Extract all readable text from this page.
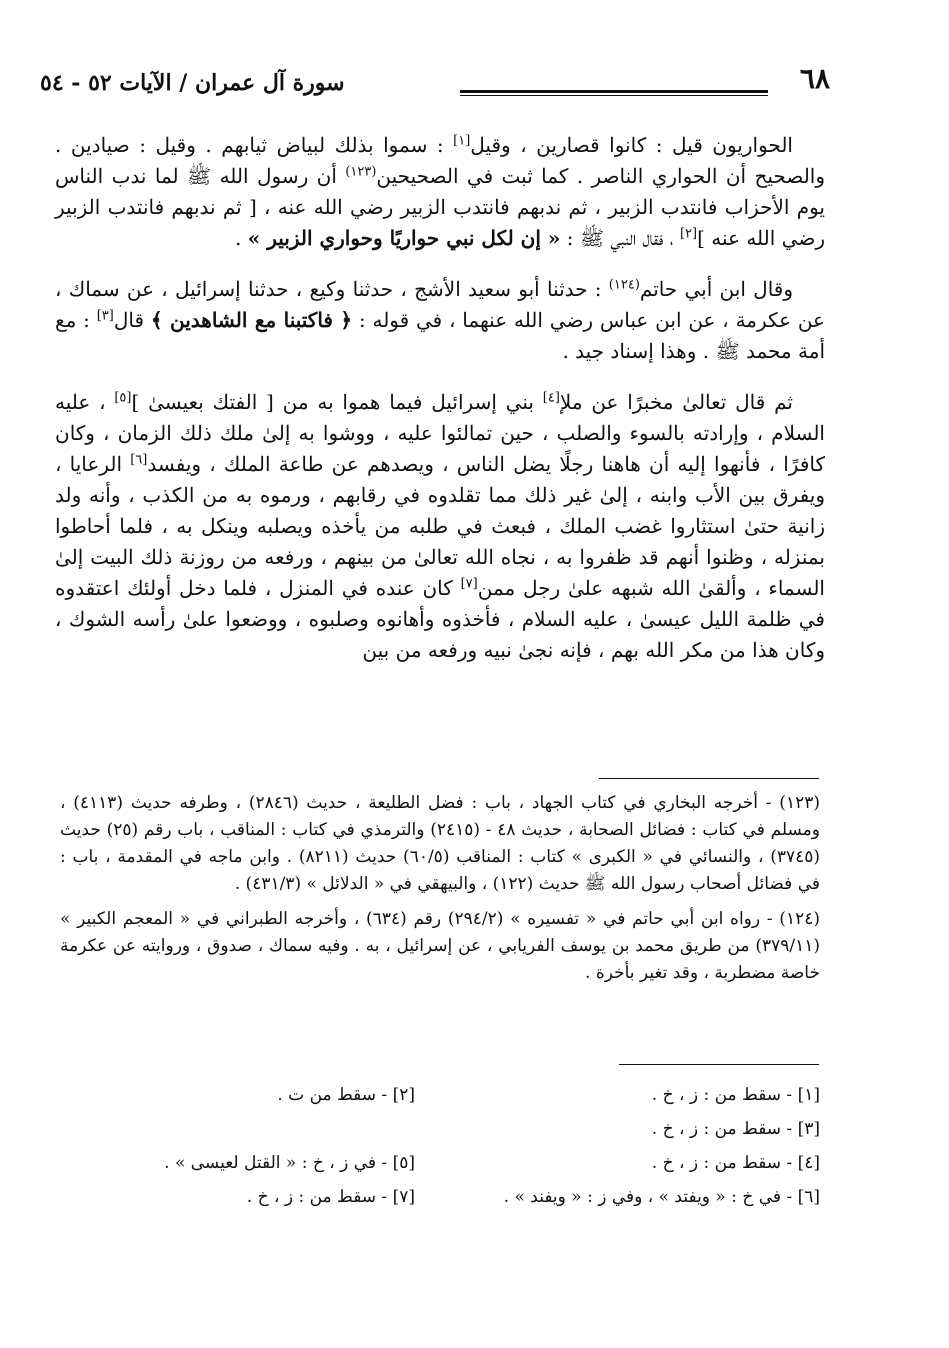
٦٨
سورة آل عمران / الآيات ٥٢ - ٥٤

الحواريون قيل : كانوا قصارين ، وقيل[١] : سموا بذلك لبياض ثيابهم . وقيل : صيادين . والصحيح أن الحواري الناصر . كما ثبت في الصحيحين$^{(١٢٣)}$ أن رسول الله ﷺ لما ندب الناس يوم الأحزاب فانتدب الزبير ، ثم ندبهم فانتدب الزبير رضي الله عنه ، [ ثم ندبهم فانتدب الزبير رضي الله عنه ][٢] ، فقال النبي ﷺ : « إن لكل نبي حواريًا وحواري الزبير » .

وقال ابن أبي حاتم$^{(١٢٤)}$ : حدثنا أبو سعيد الأشج ، حدثنا وكيع ، حدثنا إسرائيل ، عن سماك ، عن عكرمة ، عن ابن عباس رضي الله عنهما ، في قوله : ﴿ فاكتبنا مع الشاهدين ﴾ قال[٣] : مع أمة محمد ﷺ . وهذا إسناد جيد .

ثم قال تعالىٰ مخبرًا عن ملإ[٤] بني إسرائيل فيما هموا به من [ الفتك بعيسىٰ ][٥] ، عليه السلام ، وإرادته بالسوء والصلب ، حين تمالئوا عليه ، ووشوا به إلىٰ ملك ذلك الزمان ، وكان كافرًا ، فأنهوا إليه أن هاهنا رجلًا يضل الناس ، ويصدهم عن طاعة الملك ، ويفسد[٦] الرعايا ، ويفرق بين الأب وابنه ، إلىٰ غير ذلك مما تقلدوه في رقابهم ، ورموه به من الكذب ، وأنه ولد زانية حتىٰ استثاروا غضب الملك ، فبعث في طلبه من يأخذه ويصلبه وينكل به ، فلما أحاطوا بمنزله ، وظنوا أنهم قد ظفروا به ، نجاه الله تعالىٰ من بينهم ، ورفعه من روزنة ذلك البيت إلىٰ السماء ، وألقىٰ الله شبهه علىٰ رجل ممن[٧] كان عنده في المنزل ، فلما دخل أولئك اعتقدوه في ظلمة الليل عيسىٰ ، عليه السلام ، فأخذوه وأهانوه وصلبوه ، ووضعوا علىٰ رأسه الشوك ، وكان هذا من مكر الله بهم ، فإنه نجىٰ نبيه ورفعه من بين

(١٢٣) - أخرجه البخاري في كتاب الجهاد ، باب : فضل الطليعة ، حديث (٢٨٤٦) ، وطرفه حديث (٤١١٣) ، ومسلم في كتاب : فضائل الصحابة ، حديث ٤٨ - (٢٤١٥) والترمذي في كتاب : المناقب ، باب رقم (٢٥) حديث (٣٧٤٥) ، والنسائي في « الكبرى » كتاب : المناقب (٦٠/٥) حديث (٨٢١١) . وابن ماجه في المقدمة ، باب : في فضائل أصحاب رسول الله ﷺ حديث (١٢٢) ، والبيهقي في « الدلائل » (٤٣١/٣) .

(١٢٤) - رواه ابن أبي حاتم في « تفسيره » (٢٩٤/٢) رقم (٦٣٤) ، وأخرجه الطبراني في « المعجم الكبير » (٣٧٩/١١) من طريق محمد بن يوسف الفريابي ، عن إسرائيل ، به . وفيه سماك ، صدوق ، وروايته عن عكرمة خاصة مضطربة ، وقد تغير بأخرة .

[١] - سقط من : ز ، خ .
[٢] - سقط من ت .
[٣] - سقط من : ز ، خ .
[٤] - سقط من : ز ، خ .
[٥] - في ز ، خ : « القتل لعيسى » .
[٦] - في خ : « ويفتد » ، وفي ز : « ويفند » .
[٧] - سقط من : ز ، خ .
